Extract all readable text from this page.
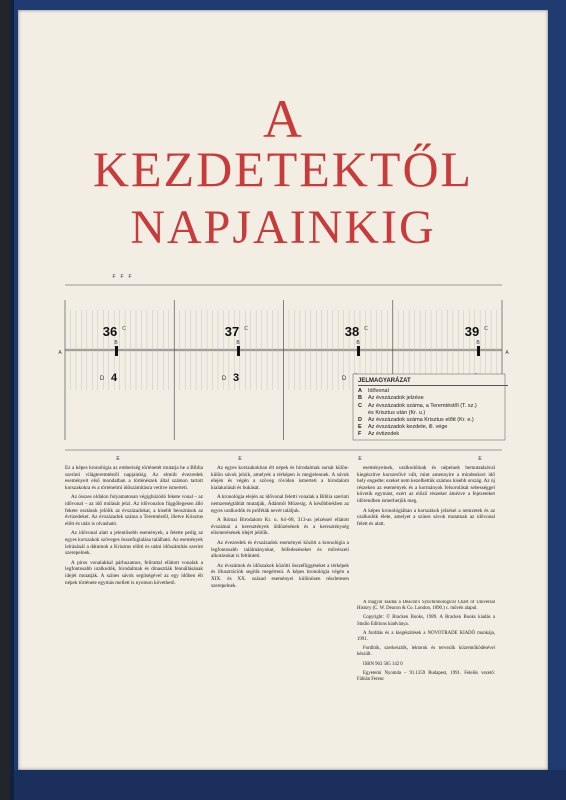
A
KEZDETEKTŐL
NAPJAINKIG
36 C
B
D 4
37 C
B
D 3
38 C
B
D
39 C
B
F F F
A	A
E	E	E	E
JELMAGYARÁZAT
A Idővonal
B Az évszázadok jelzése
C Az évszázadok száma, a Teremtéstől (T. sz.)
és Krisztus után (Kr. u.)
D Az évszázadok száma Krisztus előtt (Kr. e.)
E Az évszázadok kezdete, ill. vége
F Az évtizedek

Ez a képes kronológia az emberiség történetét mutatja be a Biblia szerinti világteremtéstől napjainkig. Az elmúlt évezredek eseményeit első mondatban a történészek által számon tartott korszakokra és a történelmi időszámításra vetítve ismerteti.

Az összes oldalon folyamatosan végighúzódó fekete vonal – az idővonal – az idő múlását jelzi. Az idővonalon függőlegesen álló fekete osztások jelölik az évszázadokat, a kisebb beosztások az évtizedeket. Az évszázadok száma a Teremtéstől, illetve Krisztus előtt és után is olvasható.

Az idővonal alatt a jelentősebb események, a felette pedig az egyes korszakok szöveges összefoglalása található. Az események leírásánál a dátumok a Krisztus előtti és utáni időszámítás szerint szerepelnek.

A piros vonalakkal párhuzamos, felirattal ellátott vonalak a legfontosabb uralkodók, birodalmak és dinasztiák fennállásának idejét mutatják. A színes sávok segítségével az egy időben élt népek története egymás mellett is nyomon követhető.

Az egyes korszakokban élt népek és birodalmak sorsát külön-külön sávok jelzik, amelyek a térképen is megjelennek. A sávok elején és végén a szöveg röviden ismerteti a birodalom kialakulását és bukását.

A kronológia elején az idővonal feletti vonalak a Biblia szerinti nemzetségtáblát mutatják, Ádámtól Mózesig. A későbbiekben az egyes uralkodók és próféták nevét találjuk.

A Római Birodalom Kr. u. 64–68, 313-as jelzéssel ellátott évszámai a keresztények üldözésének és a kereszténység elismerésének idejét jelölik.

Az évezredek és évszázadok eseményei között a kronológia a legfontosabb találmányokat, felfedezéseket és művészeti alkotásokat is feltünteti.

Az évszámok és időszakok közötti összefüggéseket a térképek és illusztrációk segítik megérteni. A képes kronológia végén a XIX. és XX. század eseményei különösen részletesen szerepelnek.

eseményeinek, uralkodóinak és népeinek bemutatásával kiegészítve korszerűvé vált, mint amennyire a mindenkori idő hely engedte; ezeket nem kezelhettük számos kisebb ország. Az új részeken az események és a kormányok felsorolását sebességgel követik egymást, ezért az előző részeket átnézve a fejezeteket időrendben ismerhetjük meg.

A képes kronológiában a korszakok jelzései a nemzetek és az uralkodók élete, amelyet a színes sávok mutatnak az idővonal felett és alatt.

A magyar kiadás a Deacon's Synchronological Chart of Universal History (C. W. Deacon & Co. London, 1890.) c. művén alapul.

Copyright: © Bracken Books, 1989. A Bracken Books kiadás a Studio Editions kiadványa.

A fordítás és a kiegészítések a NOVOTRADE KIADÓ munkája, 1991.

Fordítók, szerkesztők, lektorok és tervezők közreműködésével készült.

ISBN 963 585 142 0

Egyetemi Nyomda – 91.1359 Budapest, 1991. Felelős vezető: Fábián Ferenc
